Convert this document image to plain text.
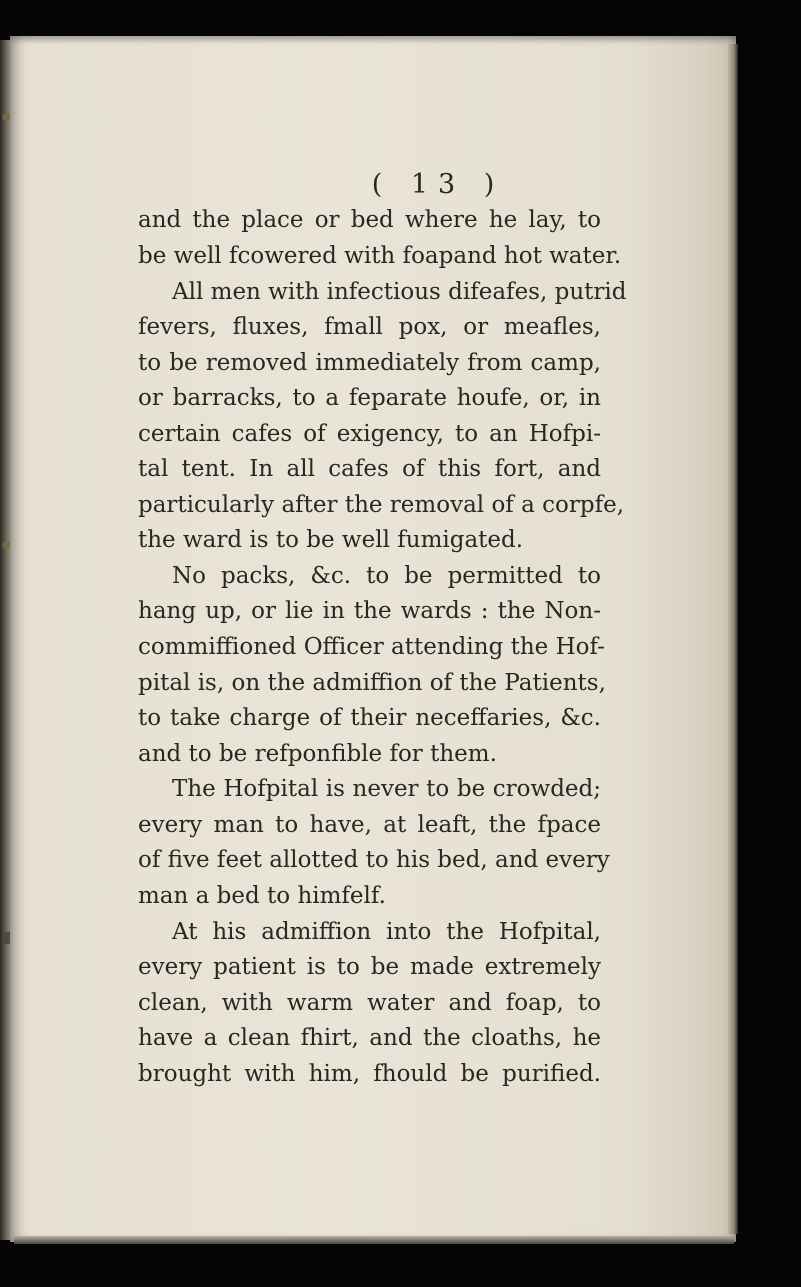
( 13 )
and the place or bed where he lay, to
be well fcowered with foapand hot water.
All men with infectious difeafes, putrid
fevers, fluxes, fmall pox, or meafles,
to be removed immediately from camp,
or barracks, to a feparate houfe, or, in
certain cafes of exigency, to an Hofpi-
tal tent. In all cafes of this fort, and
particularly after the removal of a corpfe,
the ward is to be well fumigated.
No packs, &c. to be permitted to
hang up, or lie in the wards : the Non-
commiffioned Officer attending the Hof-
pital is, on the admiffion of the Patients,
to take charge of their neceffaries, &c.
and to be refponfible for them.
The Hofpital is never to be crowded;
every man to have, at leaft, the fpace
of five feet allotted to his bed, and every
man a bed to himfelf.
At his admiffion into the Hofpital,
every patient is to be made extremely
clean, with warm water and foap, to
have a clean fhirt, and the cloaths, he
brought with him, fhould be purified.
